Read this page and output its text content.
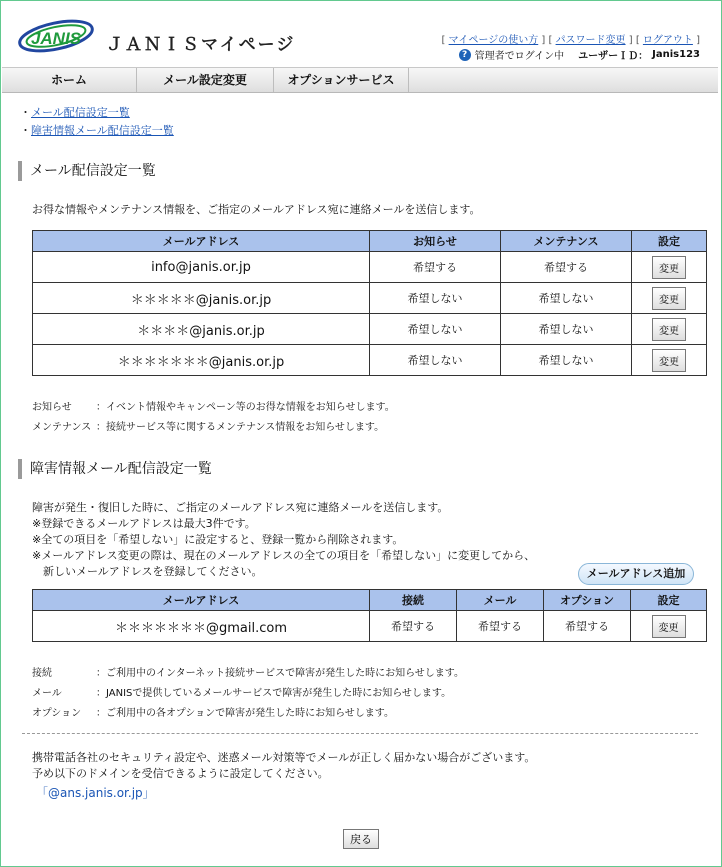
JANIS ＪＡＮＩＳマイページ	[ マイページの使い方 ] [ パスワード変更 ] [ ログアウト ]
? 管理者でログイン中 ユーザーＩＤ： Janis123
ホーム	メール設定変更	オプションサービス
・メール配信設定一覧
・障害情報メール配信設定一覧
メール配信設定一覧
お得な情報やメンテナンス情報を、ご指定のメールアドレス宛に連絡メールを送信します。
メールアドレス	お知らせ	メンテナンス	設定
info@janis.or.jp	希望する	希望する	変更
＊＊＊＊＊@janis.or.jp	希望しない	希望しない	変更
＊＊＊＊@janis.or.jp	希望しない	希望しない	変更
＊＊＊＊＊＊＊@janis.or.jp	希望しない	希望しない	変更
お知らせ ：イベント情報やキャンペーン等のお得な情報をお知らせします。
メンテナンス ：接続サービス等に関するメンテナンス情報をお知らせします。
障害情報メール配信設定一覧
障害が発生・復旧した時に、ご指定のメールアドレス宛に連絡メールを送信します。
※登録できるメールアドレスは最大3件です。
※全ての項目を「希望しない」に設定すると、登録一覧から削除されます。
※メールアドレス変更の際は、現在のメールアドレスの全ての項目を「希望しない」に変更してから、
　新しいメールアドレスを登録してください。	メールアドレス追加
メールアドレス	接続	メール	オプション	設定
＊＊＊＊＊＊＊@gmail.com	希望する	希望する	希望する	変更
接続	：ご利用中のインターネット接続サービスで障害が発生した時にお知らせします。
メール	：JANISで提供しているメールサービスで障害が発生した時にお知らせします。
オプション ：ご利用中の各オプションで障害が発生した時にお知らせします。
携帯電話各社のセキュリティ設定や、迷惑メール対策等でメールが正しく届かない場合がございます。
予め以下のドメインを受信できるように設定してください。
「@ans.janis.or.jp」
戻る
